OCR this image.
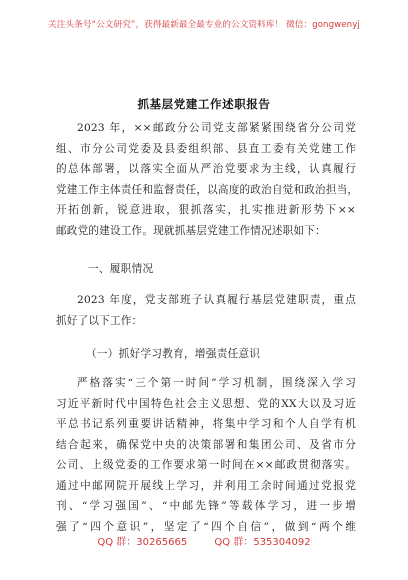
关注头条号“公文研究”，获得最新最全最专业的公文资料库！ 微信：gongwenyj
抓基层党建工作述职报告
2023 年，××邮政分公司党支部紧紧围绕省分公司党
组、市分公司党委及县委组织部、县直工委有关党建工作
的总体部署，以落实全面从严治党要求为主线，认真履行
党建工作主体责任和监督责任，以高度的政治自觉和政治担当，
开拓创新，锐意进取，狠抓落实，扎实推进新形势下××
邮政党的建设工作。现就抓基层党建工作情况述职如下：
一、履职情况
2023 年度，党支部班子认真履行基层党建职责，重点
抓好了以下工作：
（一）抓好学习教育，增强责任意识
严格落实“三个第一时间”学习机制，围绕深入学习
习近平新时代中国特色社会主义思想、党的XX大以及习近
平总书记系列重要讲话精神，将集中学习和个人自学有机
结合起来，确保党中央的决策部署和集团公司、及省市分
公司、上级党委的工作要求第一时间在××邮政贯彻落实。
通过中邮网院开展线上学习，并利用工余时间通过党报党
刊、“学习强国”、“中邮先锋”等载体学习，进一步增
强了“四个意识”，坚定了“四个自信”，做到“两个维
QQ 群：30265665	QQ 群：535304092
